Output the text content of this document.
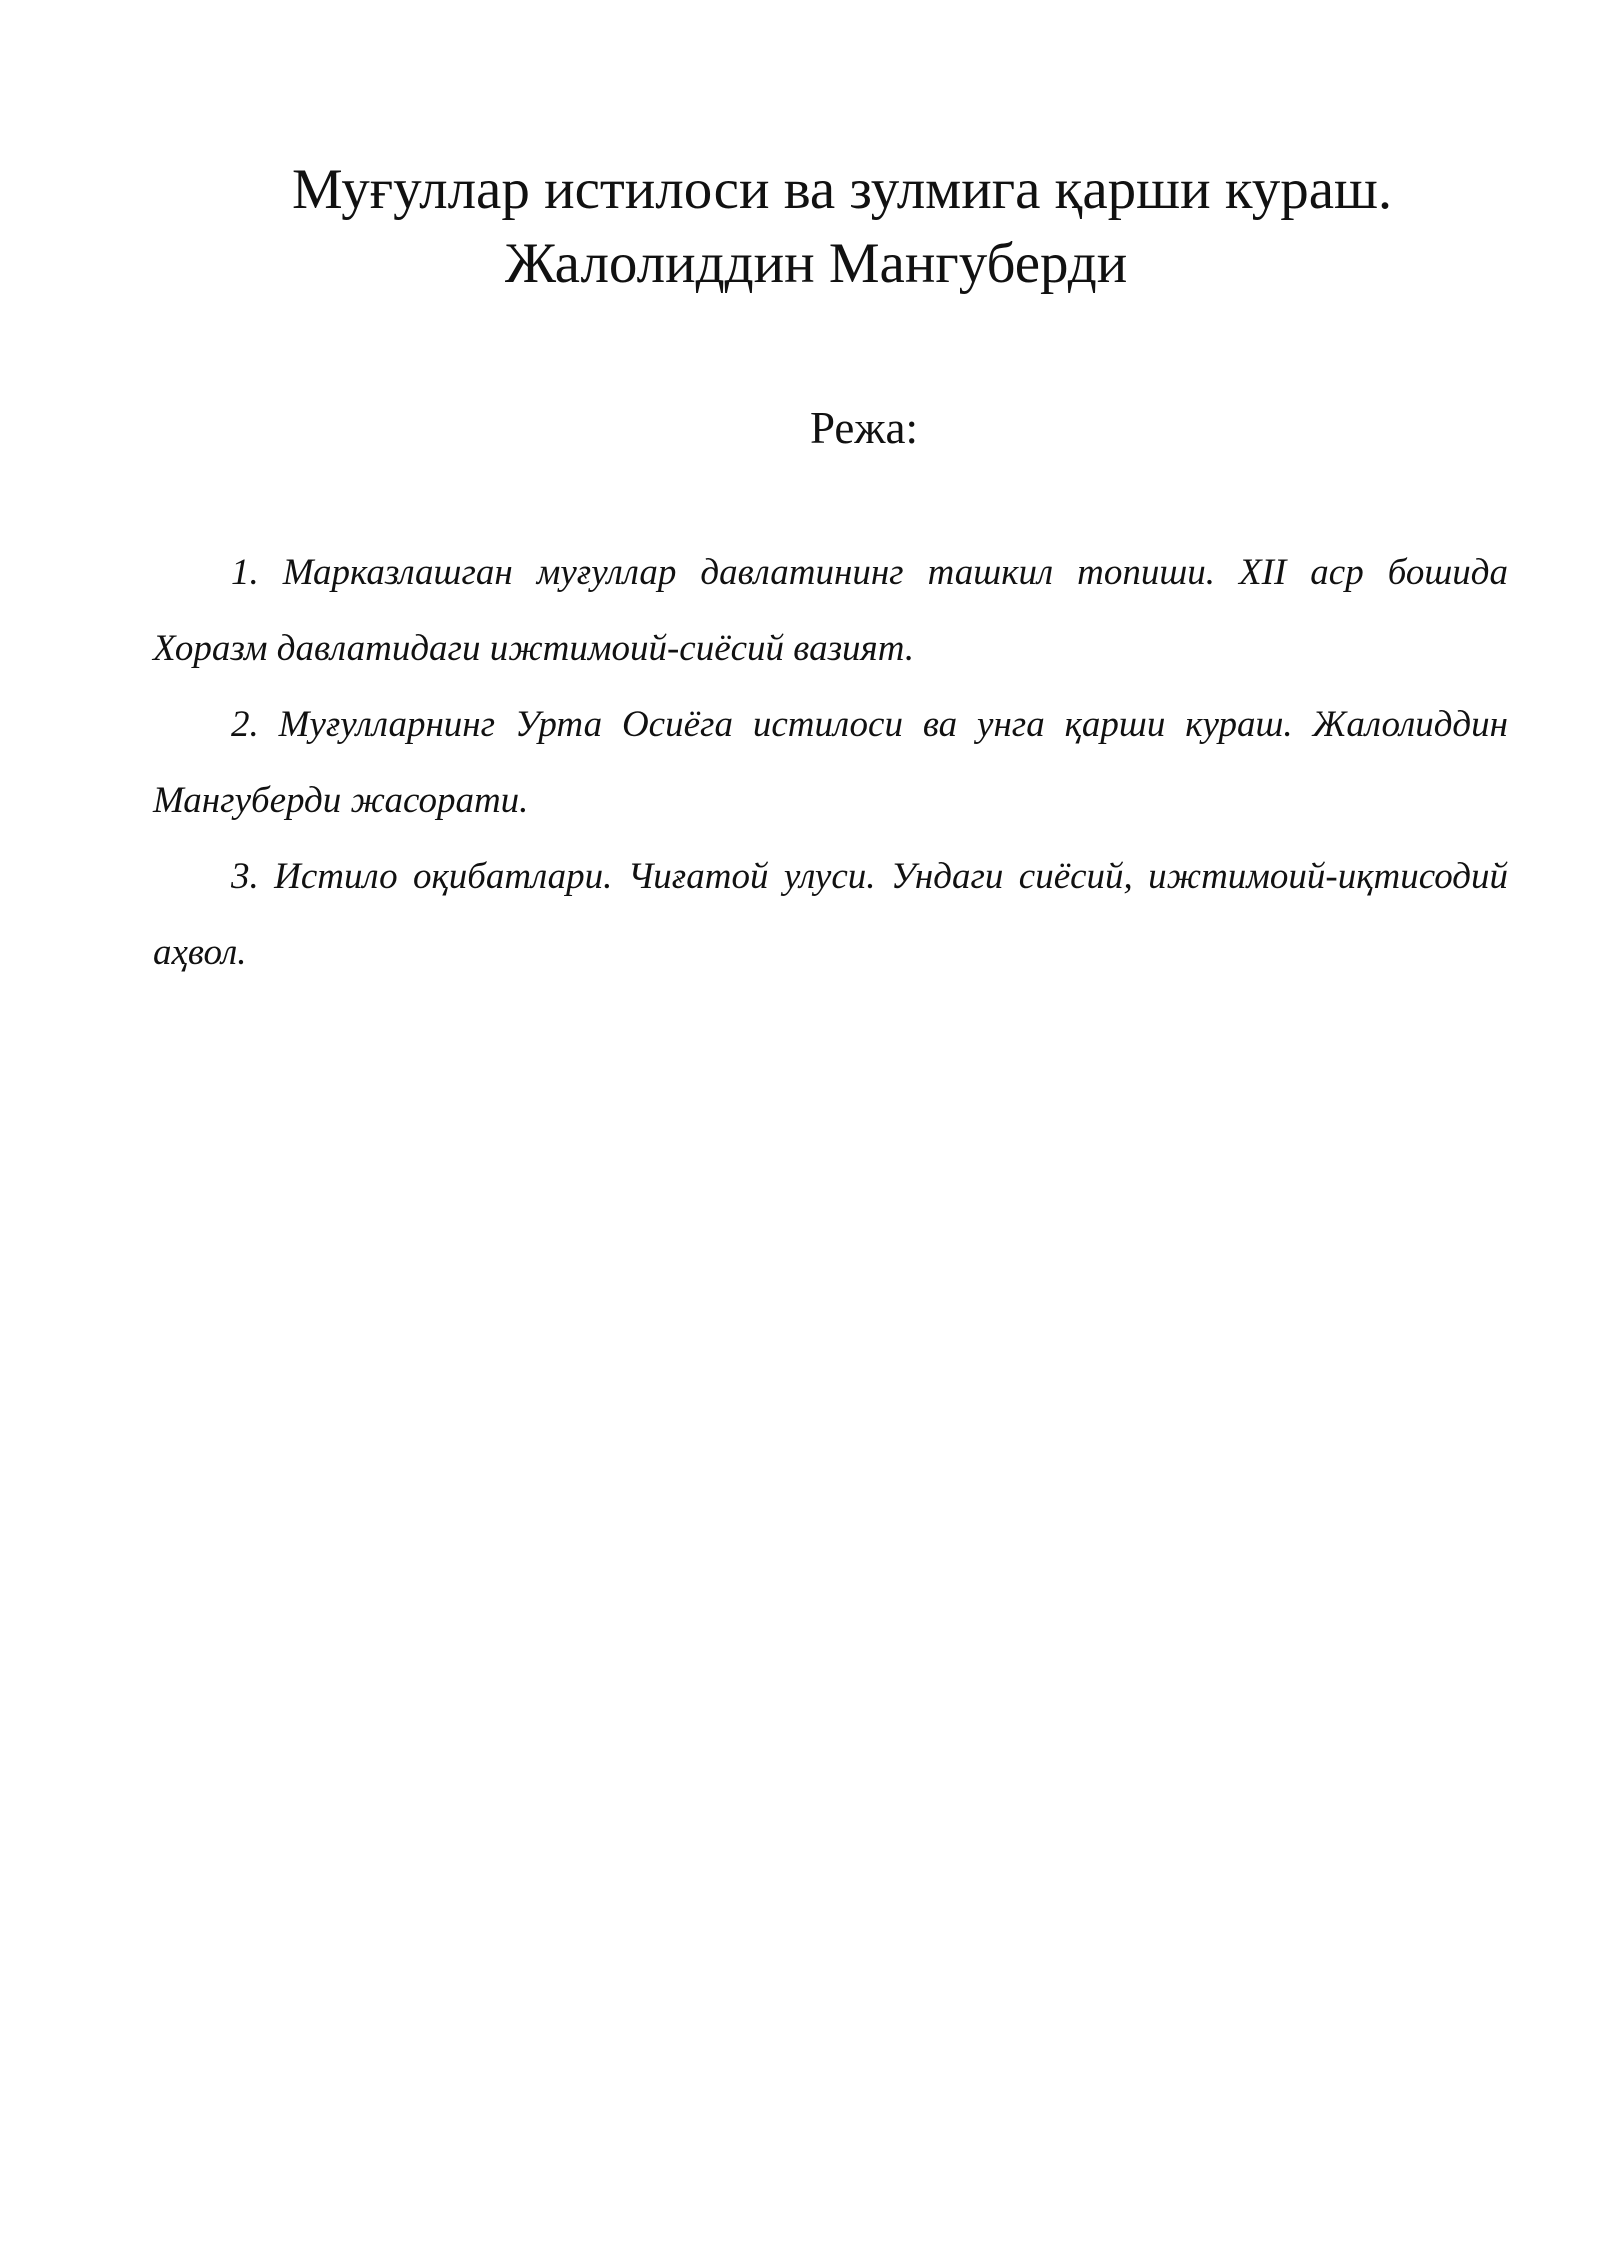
Муғуллар истилоси ва зулмига қарши кураш.
Жалолиддин Мангуберди
Режа:

1. Марказлашган муғуллар давлатининг ташкил топиши. XII аср бошида Хоразм давлатидаги ижтимоий-сиёсий вазият.

2. Муғулларнинг Урта Осиёга истилоси ва унга қарши кураш. Жалолиддин Мангуберди жасорати.

3. Истило оқибатлари. Чиғатой улуси. Ундаги сиёсий, ижтимоий-иқтисодий аҳвол.
